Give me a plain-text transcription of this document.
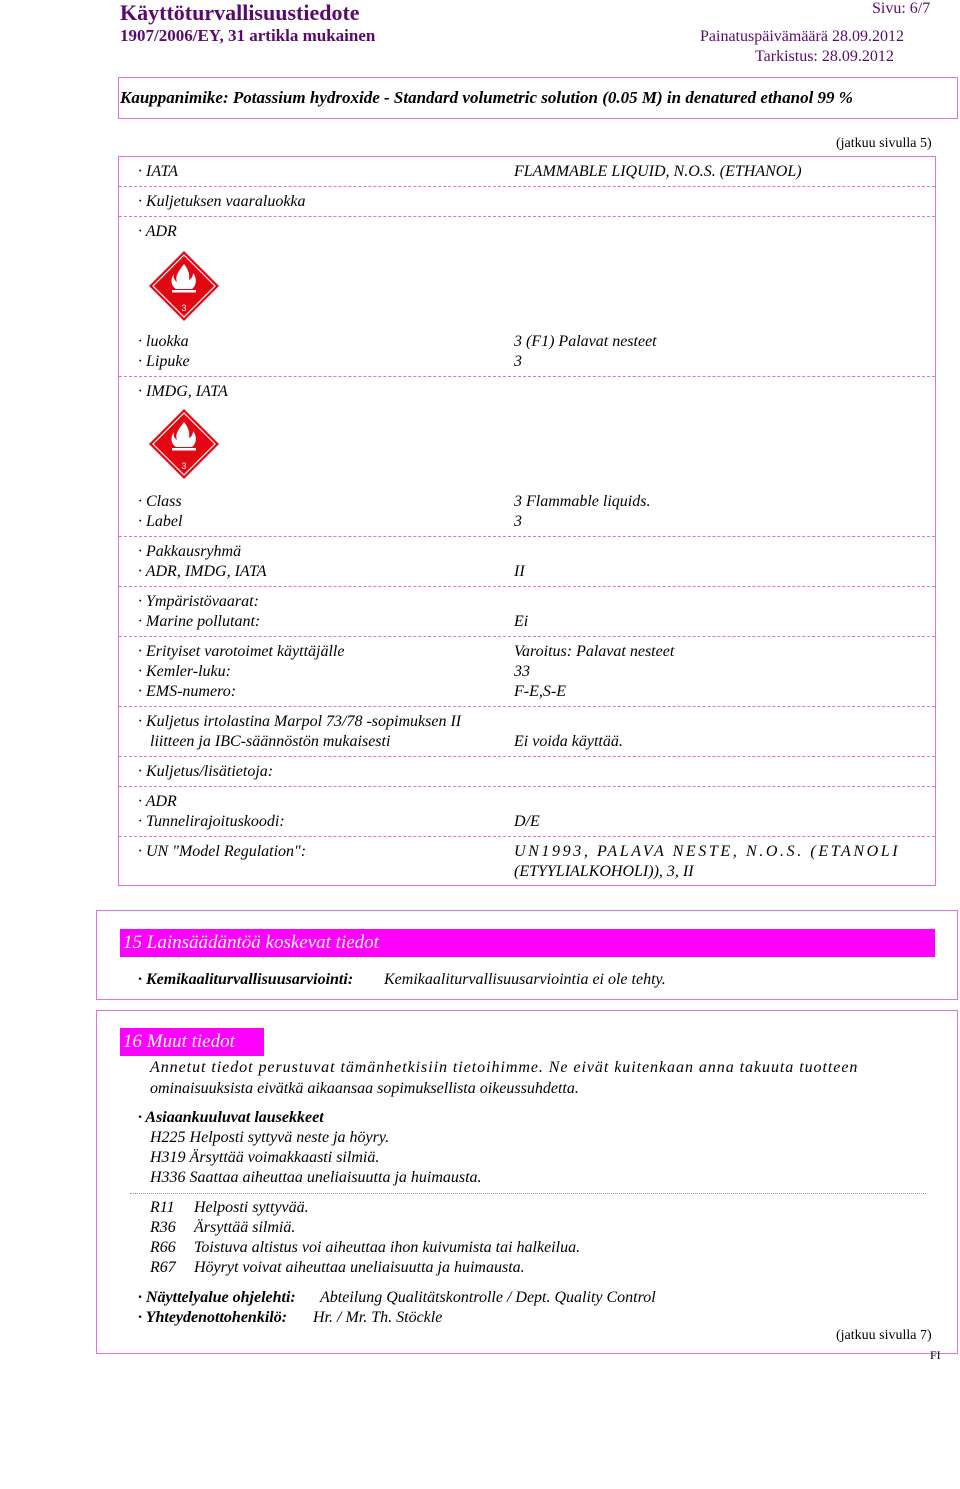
Käyttöturvallisuustiedote
1907/2006/EY, 31 artikla mukainen
Sivu: 6/7
Painatuspäivämäärä 28.09.2012
Tarkistus: 28.09.2012
Kauppanimike: Potassium hydroxide - Standard volumetric solution (0.05 M) in denatured ethanol 99 %
(jatkuu sivulla 5)
· IATA	FLAMMABLE LIQUID, N.O.S. (ETHANOL)
· Kuljetuksen vaaraluokka
· ADR
3
· luokka	3 (F1) Palavat nesteet
· Lipuke	3
· IMDG, IATA
3
· Class	3 Flammable liquids.
· Label	3
· Pakkausryhmä
· ADR, IMDG, IATA	II
· Ympäristövaarat:
· Marine pollutant:	Ei
· Erityiset varotoimet käyttäjälle	Varoitus: Palavat nesteet
· Kemler-luku:	33
· EMS-numero:	F-E,S-E
· Kuljetus irtolastina Marpol 73/78 -sopimuksen II
liitteen ja IBC-säännöstön mukaisesti	Ei voida käyttää.
· Kuljetus/lisätietoja:
· ADR
· Tunnelirajoituskoodi:	D/E
· UN "Model Regulation":	UN1993, PALAVA NESTE, N.O.S. (ETANOLI
(ETYYLIALKOHOLI)), 3, II
15 Lainsäädäntöä koskevat tiedot
· Kemikaaliturvallisuusarviointi: Kemikaaliturvallisuusarviointia ei ole tehty.
16 Muut tiedot
Annetut tiedot perustuvat tämänhetkisiin tietoihimme. Ne eivät kuitenkaan anna takuuta tuotteen
ominaisuuksista eivätkä aikaansaa sopimuksellista oikeussuhdetta.
· Asiaankuuluvat lausekkeet
H225 Helposti syttyvä neste ja höyry.
H319 Ärsyttää voimakkaasti silmiä.
H336 Saattaa aiheuttaa uneliaisuutta ja huimausta.
R11 Helposti syttyvää.
R36 Ärsyttää silmiä.
R66 Toistuva altistus voi aiheuttaa ihon kuivumista tai halkeilua.
R67 Höyryt voivat aiheuttaa uneliaisuutta ja huimausta.
· Näyttelyalue ohjelehti: Abteilung Qualitätskontrolle / Dept. Quality Control
· Yhteydenottohenkilö: Hr. / Mr. Th. Stöckle
(jatkuu sivulla 7)
FI
